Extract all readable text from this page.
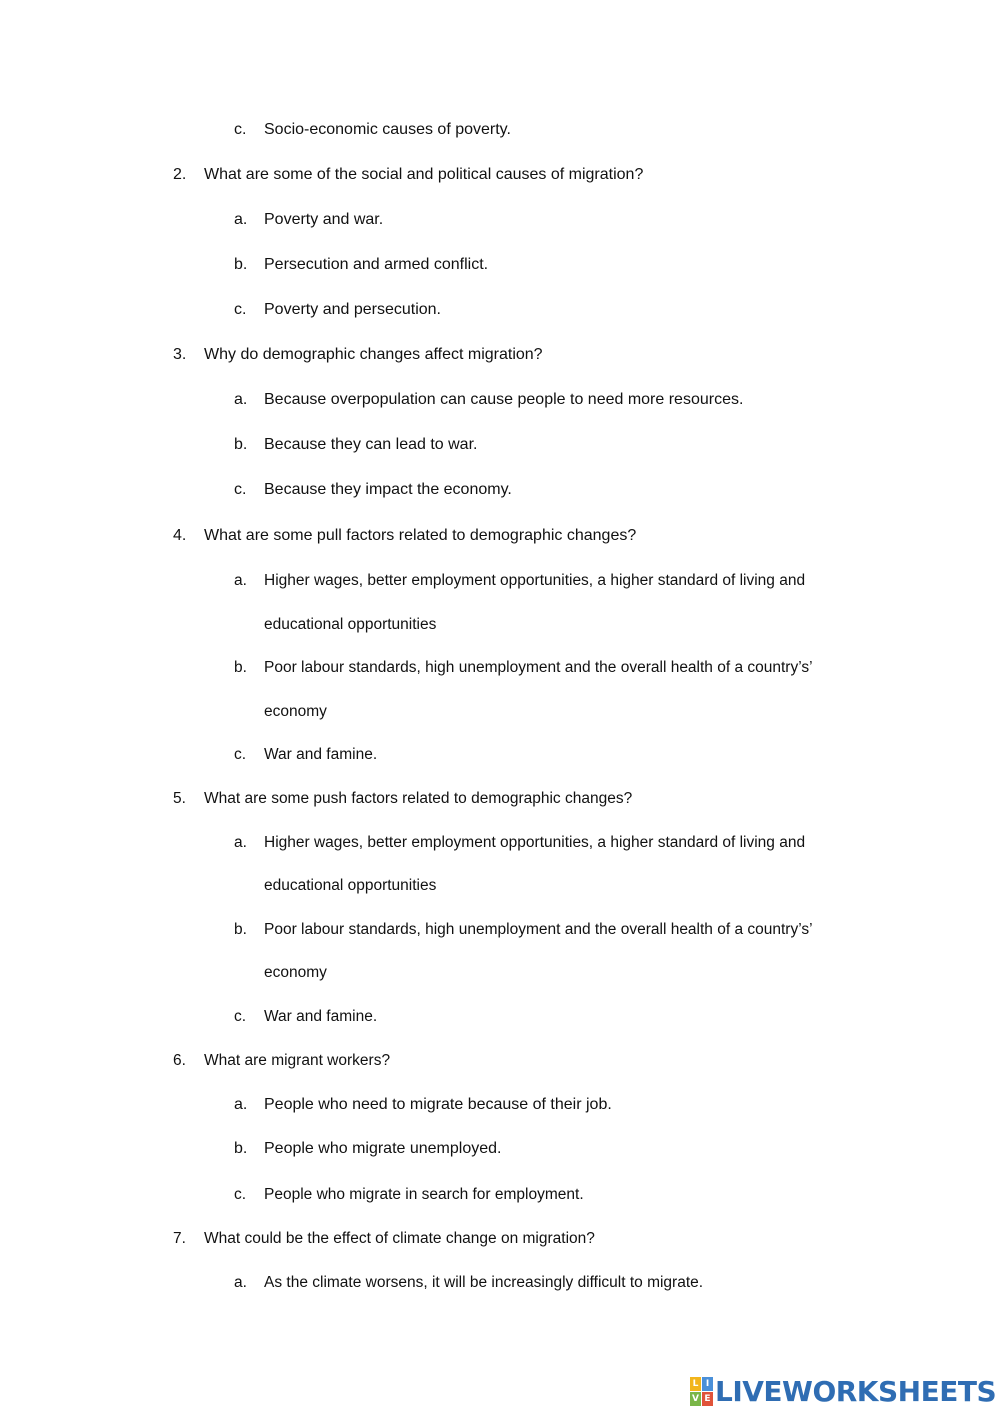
c. Socio-economic causes of poverty.
2. What are some of the social and political causes of migration?
a. Poverty and war.
b. Persecution and armed conflict.
c. Poverty and persecution.
3. Why do demographic changes affect migration?
a. Because overpopulation can cause people to need more resources.
b. Because they can lead to war.
c. Because they impact the economy.
4. What are some pull factors related to demographic changes?
a. Higher wages, better employment opportunities, a higher standard of living and
educational opportunities
b. Poor labour standards, high unemployment and the overall health of a country’s’
economy
c. War and famine.
5. What are some push factors related to demographic changes?
a. Higher wages, better employment opportunities, a higher standard of living and
educational opportunities
b. Poor labour standards, high unemployment and the overall health of a country’s’
economy
c. War and famine.
6. What are migrant workers?
a. People who need to migrate because of their job.
b. People who migrate unemployed.
c. People who migrate in search for employment.
7. What could be the effect of climate change on migration?
a. As the climate worsens, it will be increasingly difficult to migrate.
L I
V E LIVEWORKSHEETS
